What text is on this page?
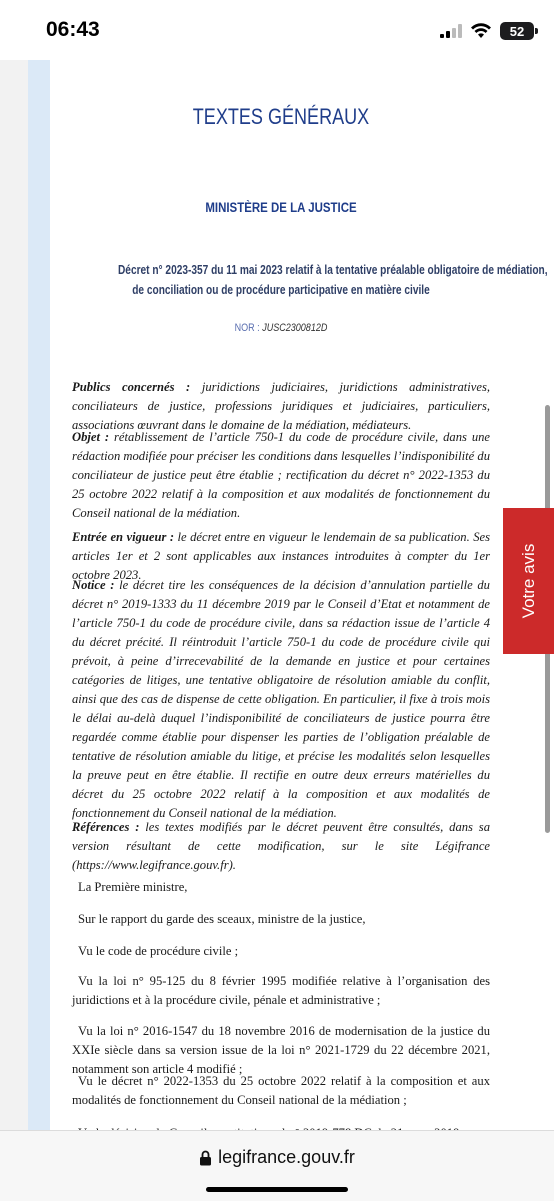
06:43	52
TEXTES GÉNÉRAUX
MINISTÈRE DE LA JUSTICE
Décret n° 2023-357 du 11 mai 2023 relatif à la tentative préalable obligatoire de médiation,
de conciliation ou de procédure participative en matière civile
NOR : JUSC2300812D
Publics concernés : juridictions judiciaires, juridictions administratives, conciliateurs de justice, professions juridiques et judiciaires, particuliers, associations œuvrant dans le domaine de la médiation, médiateurs.
Objet : rétablissement de l’article 750-1 du code de procédure civile, dans une rédaction modifiée pour préciser les conditions dans lesquelles l’indisponibilité du conciliateur de justice peut être établie ; rectification du décret n° 2022-1353 du 25 octobre 2022 relatif à la composition et aux modalités de fonctionnement du Conseil national de la médiation.
Entrée en vigueur : le décret entre en vigueur le lendemain de sa publication. Ses articles 1er et 2 sont applicables aux instances introduites à compter du 1er octobre 2023.
Notice : le décret tire les conséquences de la décision d’annulation partielle du décret n° 2019-1333 du 11 décembre 2019 par le Conseil d’Etat et notamment de l’article 750-1 du code de procédure civile, dans sa rédaction issue de l’article 4 du décret précité. Il réintroduit l’article 750-1 du code de procédure civile qui prévoit, à peine d’irrecevabilité de la demande en justice et pour certaines catégories de litiges, une tentative obligatoire de résolution amiable du conflit, ainsi que des cas de dispense de cette obligation. En particulier, il fixe à trois mois le délai au-delà duquel l’indisponibilité de conciliateurs de justice pourra être regardée comme établie pour dispenser les parties de l’obligation préalable de tentative de résolution amiable du litige, et précise les modalités selon lesquelles la preuve peut en être établie. Il rectifie en outre deux erreurs matérielles du décret du 25 octobre 2022 relatif à la composition et aux modalités de fonctionnement du Conseil national de la médiation.
Références : les textes modifiés par le décret peuvent être consultés, dans sa version résultant de cette modification, sur le site Légifrance (https://www.legifrance.gouv.fr).

La Première ministre,

Sur le rapport du garde des sceaux, ministre de la justice,

Vu le code de procédure civile ;

Vu la loi n° 95-125 du 8 février 1995 modifiée relative à l’organisation des juridictions et à la procédure civile, pénale et administrative ;

Vu la loi n° 2016-1547 du 18 novembre 2016 de modernisation de la justice du XXIe siècle dans sa version issue de la loi n° 2021-1729 du 22 décembre 2021, notamment son article 4 modifié ;

Vu le décret n° 2022-1353 du 25 octobre 2022 relatif à la composition et aux modalités de fonctionnement du Conseil national de la médiation ;

Votre avis
legifrance.gouv.fr
